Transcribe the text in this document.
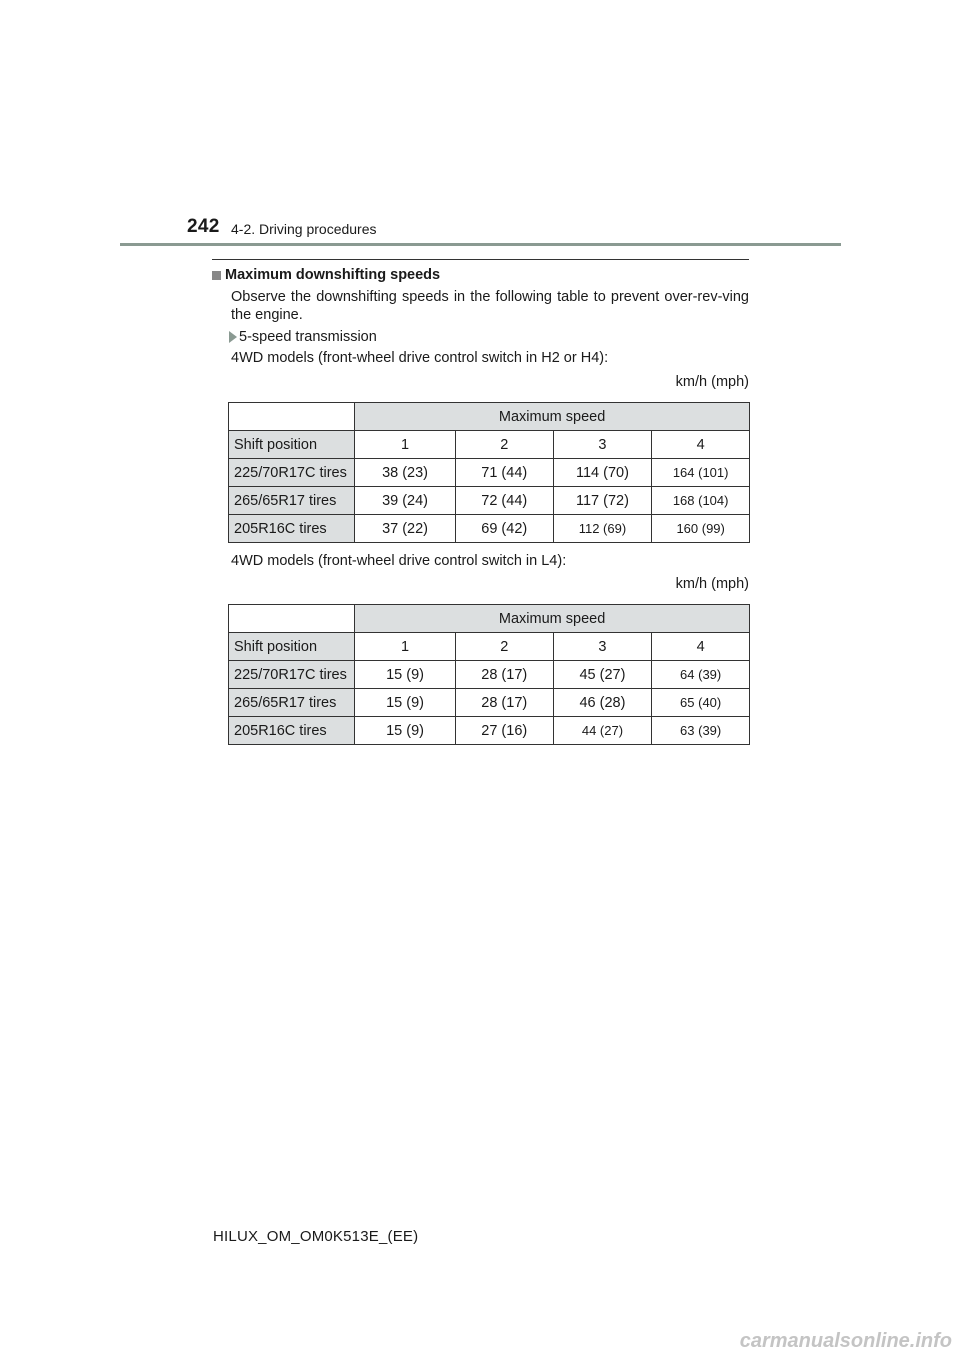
242 4-2. Driving procedures
Maximum downshifting speeds
Observe the downshifting speeds in the following table to prevent over-rev-ving the engine.
5-speed transmission
4WD models (front-wheel drive control switch in H2 or H4):
km/h (mph)
	Maximum speed			
Shift position	1	2	3	4
225/70R17C tires	38 (23)	71 (44)	114 (70)	164 (101)
265/65R17 tires	39 (24)	72 (44)	117 (72)	168 (104)
205R16C tires	37 (22)	69 (42)	112 (69)	160 (99)
4WD models (front-wheel drive control switch in L4):
km/h (mph)
	Maximum speed			
Shift position	1	2	3	4
225/70R17C tires	15 (9)	28 (17)	45 (27)	64 (39)
265/65R17 tires	15 (9)	28 (17)	46 (28)	65 (40)
205R16C tires	15 (9)	27 (16)	44 (27)	63 (39)
HILUX_OM_OM0K513E_(EE)
carmanualsonline.info
